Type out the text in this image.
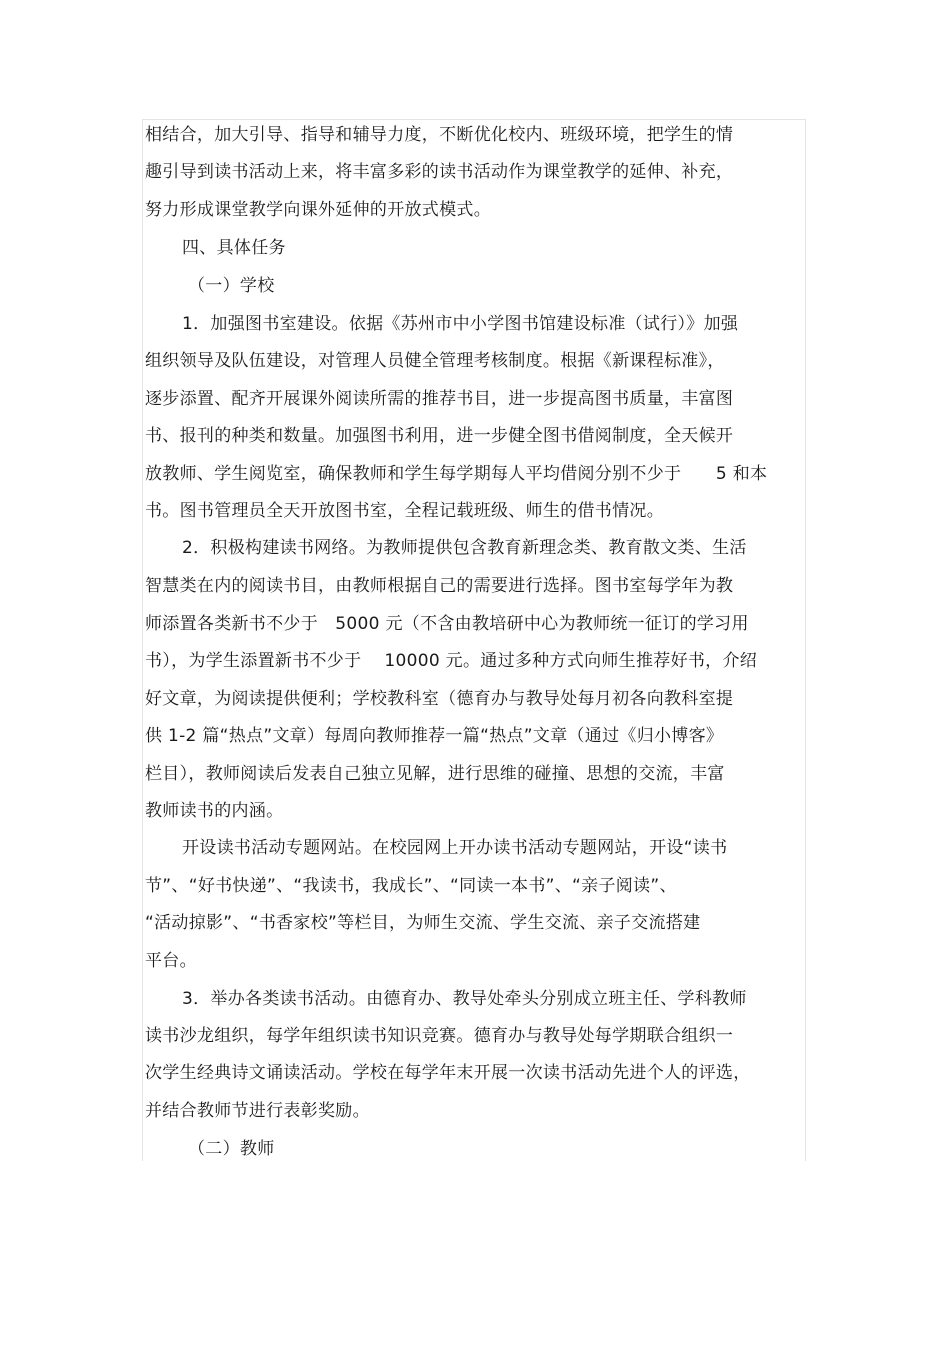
相结合，加大引导、指导和辅导力度，不断优化校内、班级环境，把学生的情
趣引导到读书活动上来，将丰富多彩的读书活动作为课堂教学的延伸、补充，
努力形成课堂教学向课外延伸的开放式模式。
四、具体任务
（一）学校
1．加强图书室建设。依据《苏州市中小学图书馆建设标准（试行）》加强
组织领导及队伍建设，对管理人员健全管理考核制度。根据《新课程标准》，
逐步添置、配齐开展课外阅读所需的推荐书目，进一步提高图书质量，丰富图
书、报刊的种类和数量。加强图书利用，进一步健全图书借阅制度，全天候开
放教师、学生阅览室，确保教师和学生每学期每人平均借阅分别不少于　　5 和本
书。图书管理员全天开放图书室，全程记载班级、师生的借书情况。
2．积极构建读书网络。为教师提供包含教育新理念类、教育散文类、生活
智慧类在内的阅读书目，由教师根据自己的需要进行选择。图书室每学年为教
师添置各类新书不少于　5000 元（不含由教培研中心为教师统一征订的学习用
书），为学生添置新书不少于　 10000 元。通过多种方式向师生推荐好书，介绍
好文章，为阅读提供便利；学校教科室（德育办与教导处每月初各向教科室提
供 1-2 篇“热点”文章）每周向教师推荐一篇“热点”文章（通过《归小博客》
栏目），教师阅读后发表自己独立见解，进行思维的碰撞、思想的交流，丰富
教师读书的内涵。
开设读书活动专题网站。在校园网上开办读书活动专题网站，开设“读书
节”、“好书快递”、“我读书，我成长”、“同读一本书”、“亲子阅读”、
“活动掠影”、“书香家校”等栏目，为师生交流、学生交流、亲子交流搭建
平台。
3．举办各类读书活动。由德育办、教导处牵头分别成立班主任、学科教师
读书沙龙组织，每学年组织读书知识竞赛。德育办与教导处每学期联合组织一
次学生经典诗文诵读活动。学校在每学年末开展一次读书活动先进个人的评选，
并结合教师节进行表彰奖励。
（二）教师
